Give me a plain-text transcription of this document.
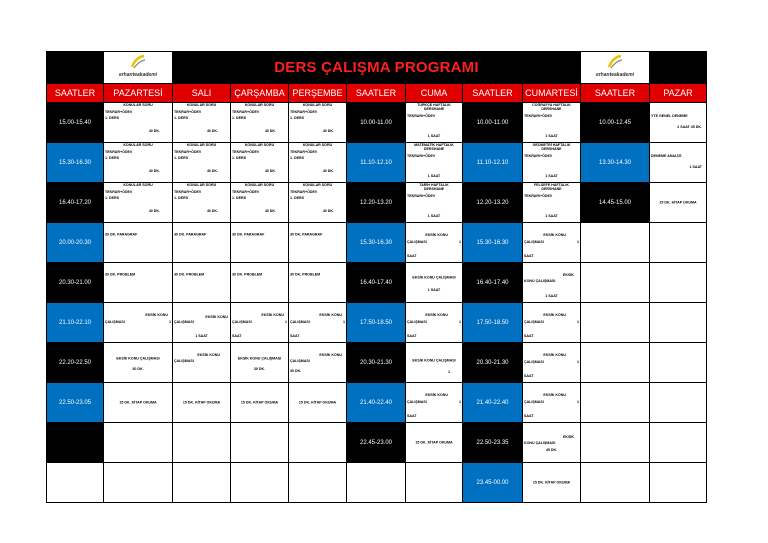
	erhanteakademi	DERS ÇALIŞMA PROGRAMI							erhanteakademi	

SAATLER	PAZARTESİ	SALI	ÇARŞAMBA	PERŞEMBE	SAATLER	CUMA	SAATLER	CUMARTESİ	SAATLER	PAZAR
15.00-15.40	KONULAR SORU
TEKRAR+ÖDEV
1. DERS
40 DK.	KONULAR SORU
TEKRAR+ÖDEV
1. DERS
40 DK.	KONULAR SORU
TEKRAR+ÖDEV
1. DERS
40 DK.	KONULAR SORU
TEKRAR+ÖDEV
1. DERS
40 DK.	10.00-11.00	TÜRKÇE HAFTALIK
DERSHANE
TEKRARI+ÖDEV
1 SAAT	10.00-11.00	COĞRAFYA HAFTALIK
DERSHANE
TEKRARI+ÖDEV
1 SAAT	10.00-12.45	YTE GENEL DENEME
2 SAAT 45 DK.

15.30-16.30	KONULAR SORU
TEKRAR+ÖDEV
1. DERS
40 DK.	KONULAR SORU
TEKRAR+ÖDEV
1. DERS
40 DK.	KONULAR SORU
TEKRAR+ÖDEV
1. DERS
40 DK.	KONULAR SORU
TEKRAR+ÖDEV
1. DERS
40 DK.	11.10-12.10	MATEMATİK HAFTALIK
DERSHANE
TEKRARI+ÖDEV
1 SAAT	11.10-12.10	GEOMETRİ HAFTALIK
DERSHANE
TEKRARI+ÖDEV
1 SAAT	13.30-14.30	DENEME ANALİZİ
1 SAAT

16.40-17.20	KONULAR SORU
TEKRAR+ÖDEV
1. DERS
40 DK.	KONULAR SORU
TEKRAR+ÖDEV
1. DERS
40 DK.	KONULAR SORU
TEKRAR+ÖDEV
1. DERS
40 DK.	KONULAR SORU
TEKRAR+ÖDEV
1. DERS
40 DK.	12.20-13.20	TARİH HAFTALIK
DERSHANE
TEKRARI+ÖDEV
1 SAAT	12.20-13.20	FELSEFE HAFTALIK
DERSHANE
TEKRARI+ÖDEV
1 SAAT	14.45-15.00	15 DK. KİTAP OKUMA

20.00-20.30	30 DK. PARAGRAF	30 DK. PARAGRAF	30 DK. PARAGRAF	30 DK. PARAGRAF	15.30-16.30	EKSİK KONU
ÇALIŞMASI 1
SAAT	15.30-16.30	EKSİK KONU
ÇALIŞMASI 1
SAAT		

20.30-21.00	30 DK. PROBLEM	30 DK. PROBLEM	30 DK. PROBLEM	30 DK. PROBLEM	16.40-17.40	EKSİK KONU ÇALIŞMASI
1 SAAT	16.40-17.40	EKSİK
KONU ÇALIŞMASI
1 SAAT		

21.10-22.10	EKSİK KONU
ÇALIŞMASI 1	EKSİK KONU
ÇALIŞMASI
1 SAAT	EKSİK KONU
ÇALIŞMASI 1
SAAT	EKSİK KONU
ÇALIŞMASI 1
SAAT	17.50-18.50	EKSİK KONU
ÇALIŞMASI 1
SAAT	17.50-18.50	EKSİK KONU
ÇALIŞMASI 1
SAAT		

22.20-22.50	EKSİK KONU ÇALIŞMASI
30 DK.	EKSİK KONU
ÇALIŞMASI	EKSİK KONU ÇALIŞMASI
30 DK.	EKSİK KONU
ÇALIŞMASI
30 DK.	20.30-21.30	EKSİK KONU ÇALIŞMASI
1	20.30-21.30	EKSİK KONU
ÇALIŞMASI 1
SAAT		

22.50-23.05	15 DK. KİTAP OKUMA	15 DK. KİTAP OKUMA	15 DK. KİTAP OKUMA	15 DK. KİTAP OKUMA	21.40-22.40	EKSİK KONU
ÇALIŞMASI 1
SAAT	21.40-22.40	EKSİK KONU
ÇALIŞMASI 1
SAAT		

					22.45-23.00	15 DK. KİTAP OKUMA	22.50-23.35	EKSİK
KONU ÇALIŞMASI
45 DK.		

							23.45-00.00	15 DK. KİTAP OKUMA		
